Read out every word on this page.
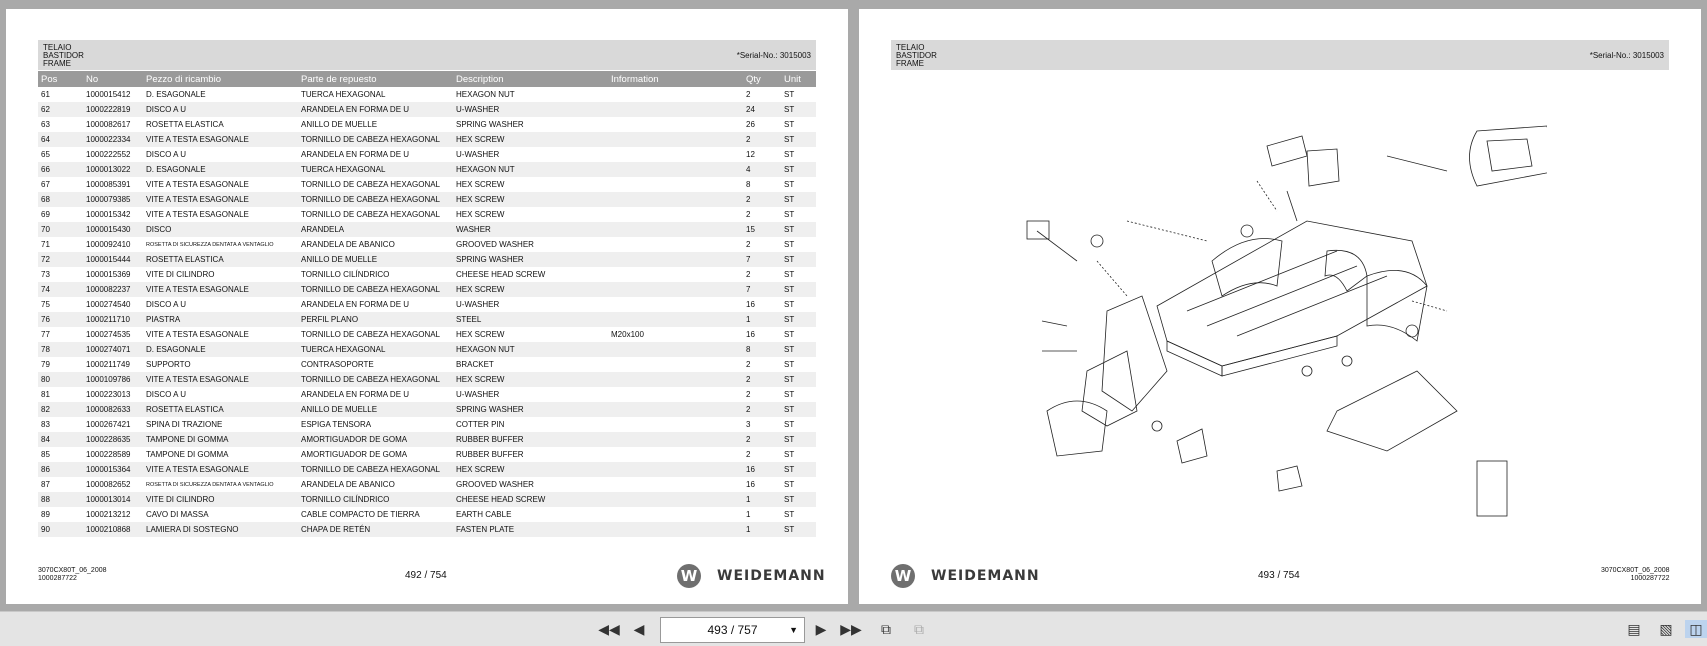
TELAIO
BASTIDOR
FRAME
*Serial-No.: 3015003
Pos	No	Pezzo di ricambio	Parte de repuesto	Description	Information	Qty	Unit
61	1000015412	D. ESAGONALE	TUERCA HEXAGONAL	HEXAGON NUT		2	ST
62	1000222819	DISCO A U	ARANDELA EN FORMA DE U	U-WASHER		24	ST
63	1000082617	ROSETTA ELASTICA	ANILLO DE MUELLE	SPRING WASHER		26	ST
64	1000022334	VITE A TESTA ESAGONALE	TORNILLO DE CABEZA HEXAGONAL	HEX SCREW		2	ST
65	1000222552	DISCO A U	ARANDELA EN FORMA DE U	U-WASHER		12	ST
66	1000013022	D. ESAGONALE	TUERCA HEXAGONAL	HEXAGON NUT		4	ST
67	1000085391	VITE A TESTA ESAGONALE	TORNILLO DE CABEZA HEXAGONAL	HEX SCREW		8	ST
68	1000079385	VITE A TESTA ESAGONALE	TORNILLO DE CABEZA HEXAGONAL	HEX SCREW		2	ST
69	1000015342	VITE A TESTA ESAGONALE	TORNILLO DE CABEZA HEXAGONAL	HEX SCREW		2	ST
70	1000015430	DISCO	ARANDELA	WASHER		15	ST
71	1000092410	ROSETTA DI SICUREZZA DENTATA A VENTAGLIO	ARANDELA DE ABANICO	GROOVED WASHER		2	ST
72	1000015444	ROSETTA ELASTICA	ANILLO DE MUELLE	SPRING WASHER		7	ST
73	1000015369	VITE DI CILINDRO	TORNILLO CILÍNDRICO	CHEESE HEAD SCREW		2	ST
74	1000082237	VITE A TESTA ESAGONALE	TORNILLO DE CABEZA HEXAGONAL	HEX SCREW		7	ST
75	1000274540	DISCO A U	ARANDELA EN FORMA DE U	U-WASHER		16	ST
76	1000211710	PIASTRA	PERFIL PLANO	STEEL		1	ST
77	1000274535	VITE A TESTA ESAGONALE	TORNILLO DE CABEZA HEXAGONAL	HEX SCREW	M20x100	16	ST
78	1000274071	D. ESAGONALE	TUERCA HEXAGONAL	HEXAGON NUT		8	ST
79	1000211749	SUPPORTO	CONTRASOPORTE	BRACKET		2	ST
80	1000109786	VITE A TESTA ESAGONALE	TORNILLO DE CABEZA HEXAGONAL	HEX SCREW		2	ST
81	1000223013	DISCO A U	ARANDELA EN FORMA DE U	U-WASHER		2	ST
82	1000082633	ROSETTA ELASTICA	ANILLO DE MUELLE	SPRING WASHER		2	ST
83	1000267421	SPINA DI TRAZIONE	ESPIGA TENSORA	COTTER PIN		3	ST
84	1000228635	TAMPONE DI GOMMA	AMORTIGUADOR DE GOMA	RUBBER BUFFER		2	ST
85	1000228589	TAMPONE DI GOMMA	AMORTIGUADOR DE GOMA	RUBBER BUFFER		2	ST
86	1000015364	VITE A TESTA ESAGONALE	TORNILLO DE CABEZA HEXAGONAL	HEX SCREW		16	ST
87	1000082652	ROSETTA DI SICUREZZA DENTATA A VENTAGLIO	ARANDELA DE ABANICO	GROOVED WASHER		16	ST
88	1000013014	VITE DI CILINDRO	TORNILLO CILÍNDRICO	CHEESE HEAD SCREW		1	ST
89	1000213212	CAVO DI MASSA	CABLE COMPACTO DE TIERRA	EARTH CABLE		1	ST
90	1000210868	LAMIERA DI SOSTEGNO	CHAPA DE RETÉN	FASTEN PLATE		1	ST
3070CX80T_06_2008
1000287722	492 / 754	W WEIDEMANN
TELAIO
BASTIDOR
FRAME
*Serial-No.: 3015003
3070CX80T_06_2008
1000287722
493 / 754
W WEIDEMANN
◀◀ ◀	493 / 757	▼	▶ ▶▶	⧉	⧉	▤	▧	◫
